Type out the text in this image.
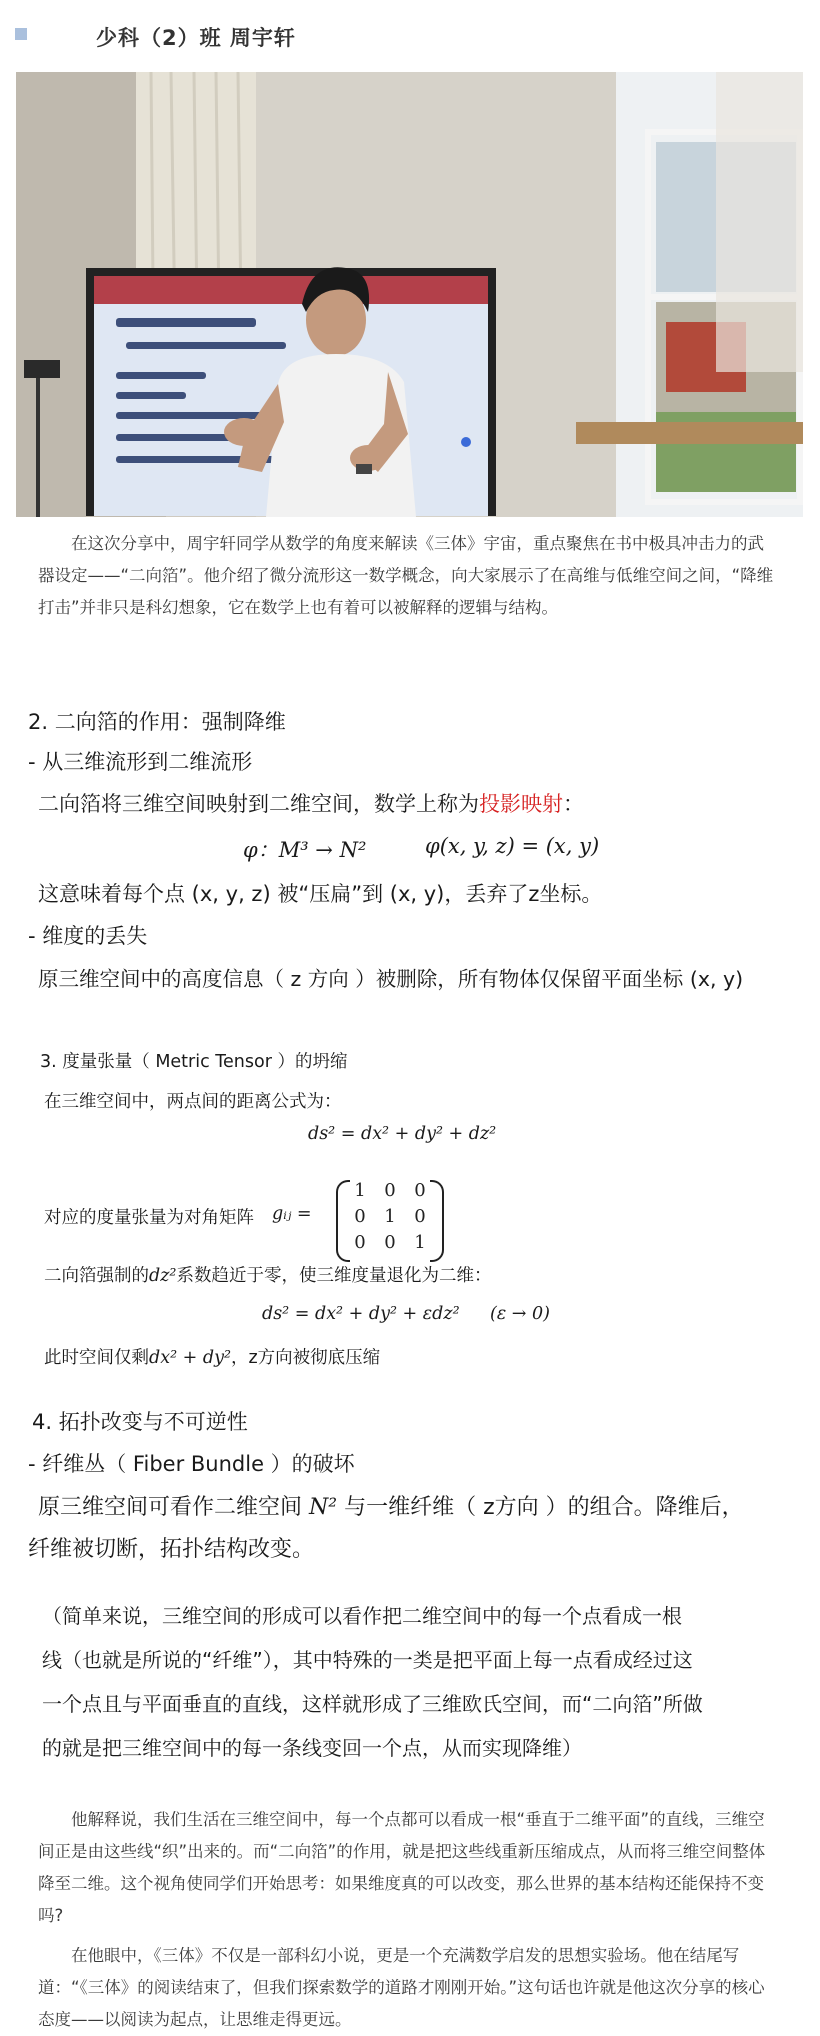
少科（2）班 周宇轩
在这次分享中，周宇轩同学从数学的角度来解读《三体》宇宙，重点聚焦在书中极具冲击力的武器设定——“二向箔”。他介绍了微分流形这一数学概念，向大家展示了在高维与低维空间之间，“降维打击”并非只是科幻想象，它在数学上也有着可以被解释的逻辑与结构。
2. 二向箔的作用：强制降维
- 从三维流形到二维流形
二向箔将三维空间映射到二维空间，数学上称为投影映射：
φ：M³ → N²	φ(x, y, z) = (x, y)
这意味着每个点 (x, y, z) 被“压扁”到 (x, y)，丢弃了z坐标。
- 维度的丢失
原三维空间中的高度信息（ z 方向 ）被删除，所有物体仅保留平面坐标 (x, y)
3. 度量张量（ Metric Tensor ）的坍缩
在三维空间中，两点间的距离公式为：
ds² = dx² + dy² + dz²
对应的度量张量为对角矩阵 gᵢⱼ =
1 0 0
0 1 0
0 0 1
二向箔强制的dz²系数趋近于零，使三维度量退化为二维：
ds² = dx² + dy² + εdz² (ε → 0)
此时空间仅剩dx² + dy²，z方向被彻底压缩
4. 拓扑改变与不可逆性
- 纤维丛（ Fiber Bundle ）的破坏
原三维空间可看作二维空间 N² 与一维纤维（ z方向 ）的组合。降维后，
纤维被切断，拓扑结构改变。
（简单来说，三维空间的形成可以看作把二维空间中的每一个点看成一根
线（也就是所说的“纤维”），其中特殊的一类是把平面上每一点看成经过这
一个点且与平面垂直的直线，这样就形成了三维欧氏空间，而“二向箔”所做
的就是把三维空间中的每一条线变回一个点，从而实现降维）
他解释说，我们生活在三维空间中，每一个点都可以看成一根“垂直于二维平面”的直线，三维空间正是由这些线“织”出来的。而“二向箔”的作用，就是把这些线重新压缩成点，从而将三维空间整体降至二维。这个视角使同学们开始思考：如果维度真的可以改变，那么世界的基本结构还能保持不变吗?
在他眼中，《三体》不仅是一部科幻小说，更是一个充满数学启发的思想实验场。他在结尾写道：“《三体》的阅读结束了，但我们探索数学的道路才刚刚开始。”这句话也许就是他这次分享的核心态度——以阅读为起点，让思维走得更远。
